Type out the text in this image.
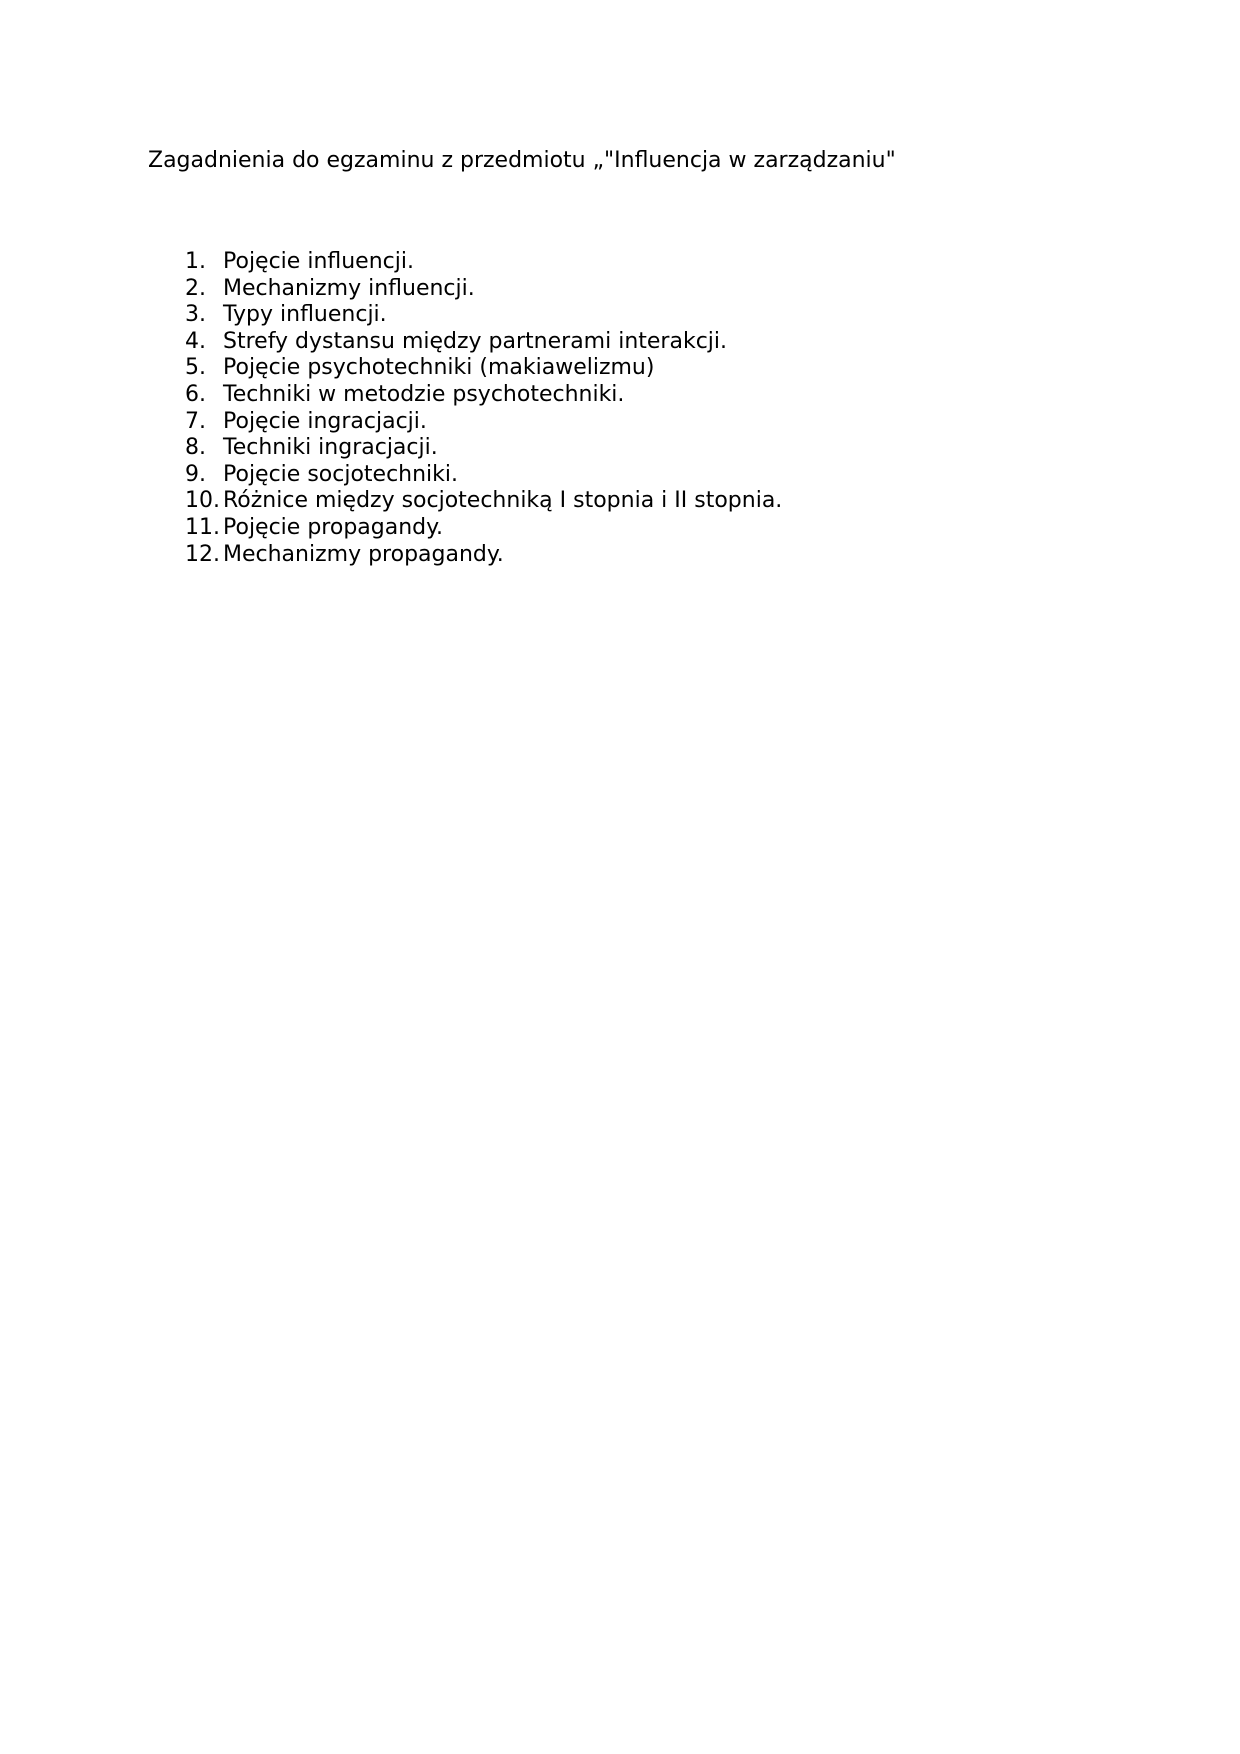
Zagadnienia do egzaminu z przedmiotu „"Influencja w zarządzaniu"
1. Pojęcie influencji.
2. Mechanizmy influencji.
3. Typy influencji.
4. Strefy dystansu między partnerami interakcji.
5. Pojęcie psychotechniki (makiawelizmu)
6. Techniki w metodzie psychotechniki.
7. Pojęcie ingracjacji.
8. Techniki ingracjacji.
9. Pojęcie socjotechniki.
10. Różnice między socjotechniką I stopnia i II stopnia.
11. Pojęcie propagandy.
12. Mechanizmy propagandy.
